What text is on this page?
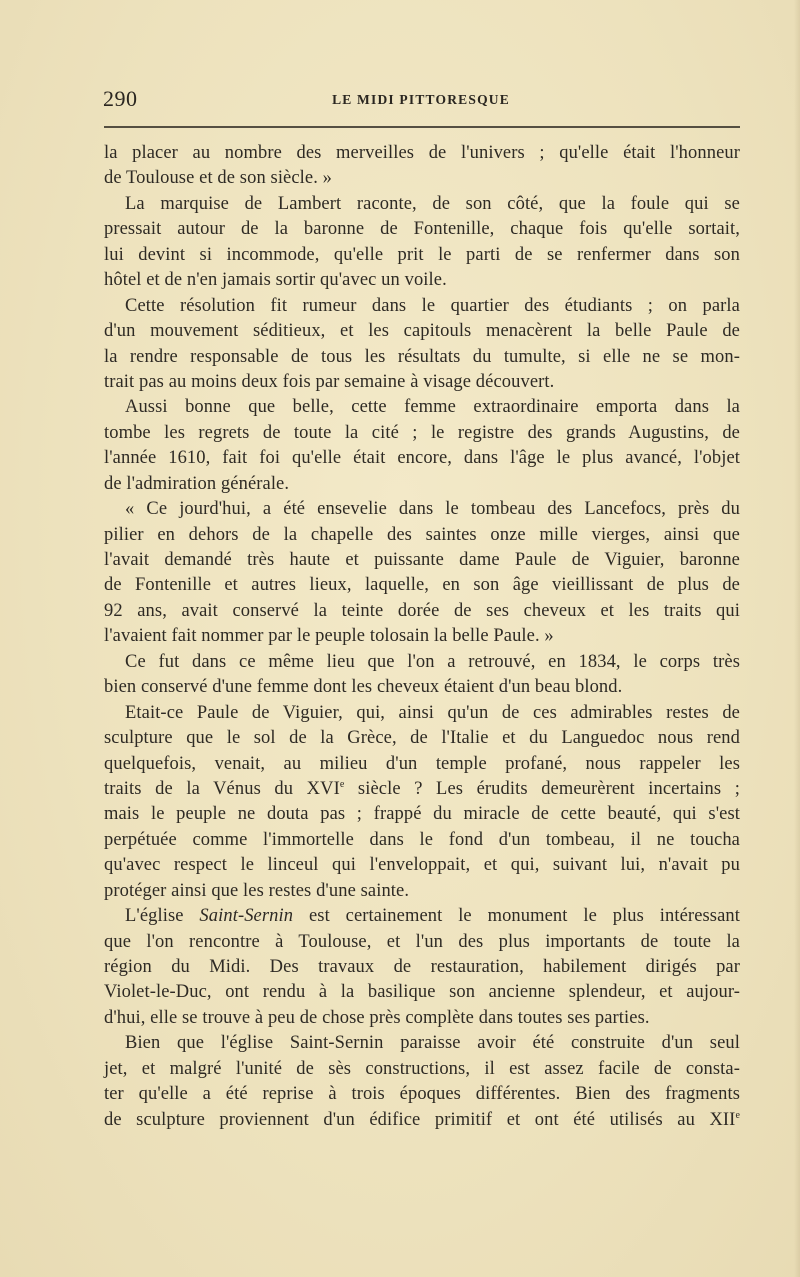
290	LE MIDI PITTORESQUE
la placer au nombre des merveilles de l'univers ; qu'elle était l'honneur
de Toulouse et de son siècle. »
La marquise de Lambert raconte, de son côté, que la foule qui se
pressait autour de la baronne de Fontenille, chaque fois qu'elle sortait,
lui devint si incommode, qu'elle prit le parti de se renfermer dans son
hôtel et de n'en jamais sortir qu'avec un voile.
Cette résolution fit rumeur dans le quartier des étudiants ; on parla
d'un mouvement séditieux, et les capitouls menacèrent la belle Paule de
la rendre responsable de tous les résultats du tumulte, si elle ne se mon-
trait pas au moins deux fois par semaine à visage découvert.
Aussi bonne que belle, cette femme extraordinaire emporta dans la
tombe les regrets de toute la cité ; le registre des grands Augustins, de
l'année 1610, fait foi qu'elle était encore, dans l'âge le plus avancé, l'objet
de l'admiration générale.
« Ce jourd'hui, a été ensevelie dans le tombeau des Lancefocs, près du
pilier en dehors de la chapelle des saintes onze mille vierges, ainsi que
l'avait demandé très haute et puissante dame Paule de Viguier, baronne
de Fontenille et autres lieux, laquelle, en son âge vieillissant de plus de
92 ans, avait conservé la teinte dorée de ses cheveux et les traits qui
l'avaient fait nommer par le peuple tolosain la belle Paule. »
Ce fut dans ce même lieu que l'on a retrouvé, en 1834, le corps très
bien conservé d'une femme dont les cheveux étaient d'un beau blond.
Etait-ce Paule de Viguier, qui, ainsi qu'un de ces admirables restes de
sculpture que le sol de la Grèce, de l'Italie et du Languedoc nous rend
quelquefois, venait, au milieu d'un temple profané, nous rappeler les
traits de la Vénus du XVIe siècle ? Les érudits demeurèrent incertains ;
mais le peuple ne douta pas ; frappé du miracle de cette beauté, qui s'est
perpétuée comme l'immortelle dans le fond d'un tombeau, il ne toucha
qu'avec respect le linceul qui l'enveloppait, et qui, suivant lui, n'avait pu
protéger ainsi que les restes d'une sainte.
L'église Saint-Sernin est certainement le monument le plus intéressant
que l'on rencontre à Toulouse, et l'un des plus importants de toute la
région du Midi. Des travaux de restauration, habilement dirigés par
Violet-le-Duc, ont rendu à la basilique son ancienne splendeur, et aujour-
d'hui, elle se trouve à peu de chose près complète dans toutes ses parties.
Bien que l'église Saint-Sernin paraisse avoir été construite d'un seul
jet, et malgré l'unité de sès constructions, il est assez facile de consta-
ter qu'elle a été reprise à trois époques différentes. Bien des fragments
de sculpture proviennent d'un édifice primitif et ont été utilisés au XIIe
